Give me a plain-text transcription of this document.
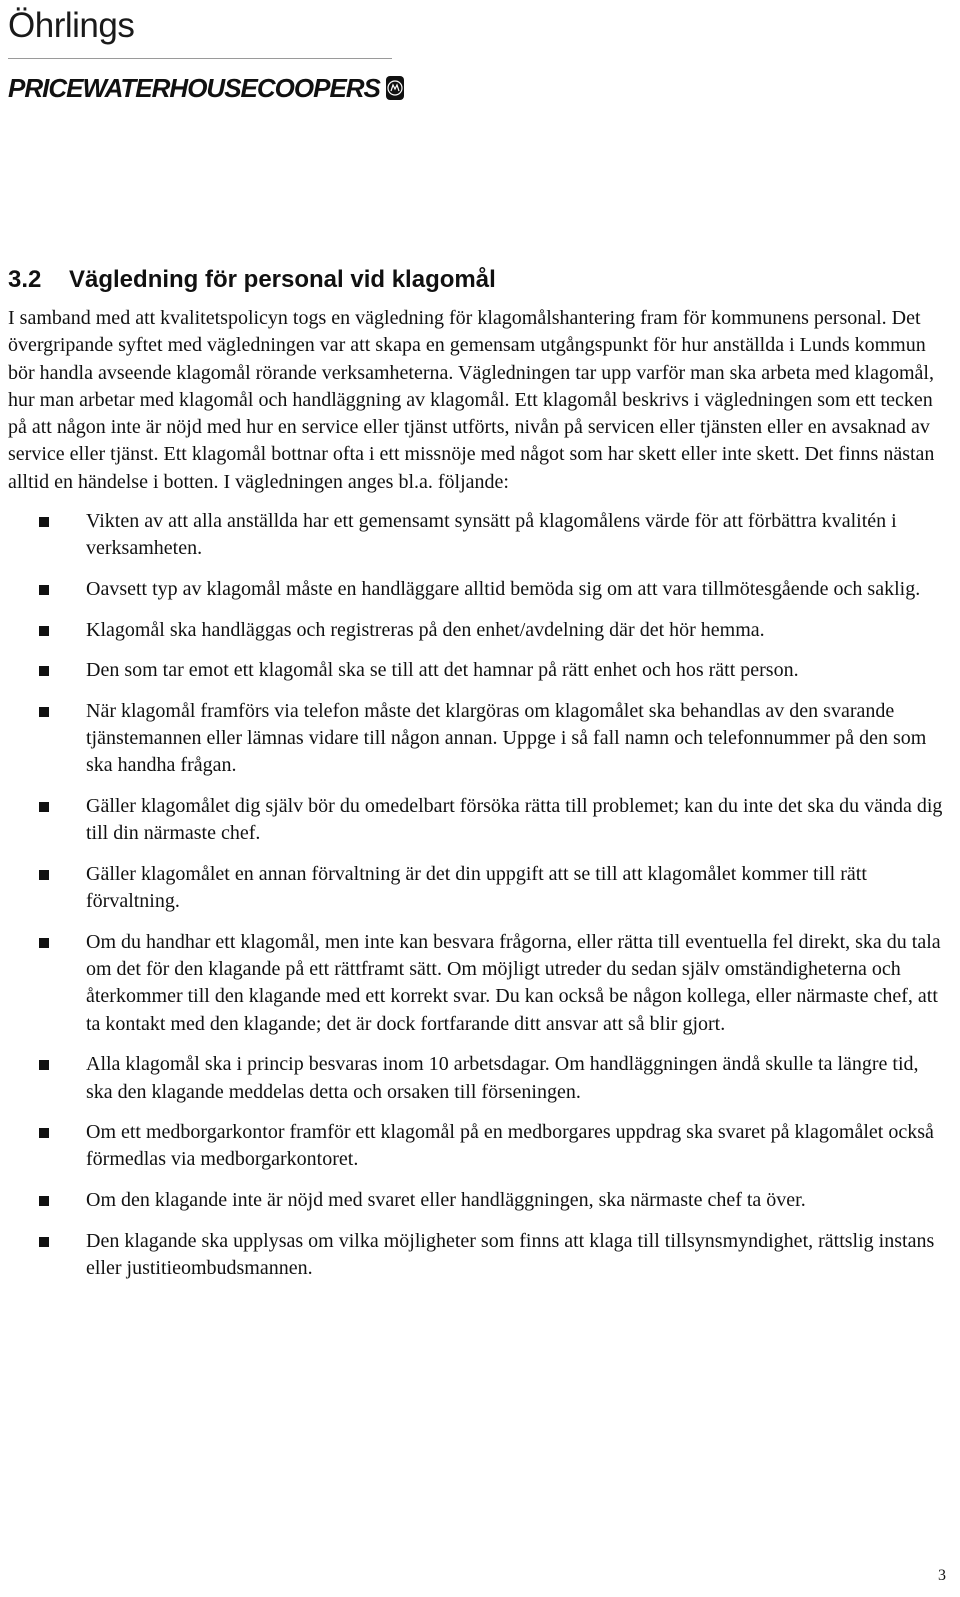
Öhrlings

PRICEWATERHOUSECOOPERS
3.2	Vägledning för personal vid klagomål

I samband med att kvalitetspolicyn togs en vägledning för klagomålshantering fram för kommunens personal. Det övergripande syftet med vägledningen var att skapa en gemensam utgångspunkt för hur anställda i Lunds kommun bör handla avseende klagomål rörande verksamheterna. Vägledningen tar upp varför man ska arbeta med klagomål, hur man arbetar med klagomål och handläggning av klagomål. Ett klagomål beskrivs i vägledningen som ett tecken på att någon inte är nöjd med hur en service eller tjänst utförts, nivån på servicen eller tjänsten eller en avsaknad av service eller tjänst. Ett klagomål bottnar ofta i ett missnöje med något som har skett eller inte skett. Det finns nästan alltid en händelse i botten. I vägledningen anges bl.a. följande:

Vikten av att alla anställda har ett gemensamt synsätt på klagomålens värde för att förbättra kvalitén i verksamheten.
Oavsett typ av klagomål måste en handläggare alltid bemöda sig om att vara tillmötesgående och saklig.
Klagomål ska handläggas och registreras på den enhet/avdelning där det hör hemma.
Den som tar emot ett klagomål ska se till att det hamnar på rätt enhet och hos rätt person.
När klagomål framförs via telefon måste det klargöras om klagomålet ska behandlas av den svarande tjänstemannen eller lämnas vidare till någon annan. Uppge i så fall namn och telefonnummer på den som ska handha frågan.
Gäller klagomålet dig själv bör du omedelbart försöka rätta till problemet; kan du inte det ska du vända dig till din närmaste chef.
Gäller klagomålet en annan förvaltning är det din uppgift att se till att klagomålet kommer till rätt förvaltning.
Om du handhar ett klagomål, men inte kan besvara frågorna, eller rätta till eventuella fel direkt, ska du tala om det för den klagande på ett rättframt sätt. Om möjligt utreder du sedan själv omständigheterna och återkommer till den klagande med ett korrekt svar. Du kan också be någon kollega, eller närmaste chef, att ta kontakt med den klagande; det är dock fortfarande ditt ansvar att så blir gjort.
Alla klagomål ska i princip besvaras inom 10 arbetsdagar. Om handläggningen ändå skulle ta längre tid, ska den klagande meddelas detta och orsaken till förseningen.
Om ett medborgarkontor framför ett klagomål på en medborgares uppdrag ska svaret på klagomålet också förmedlas via medborgarkontoret.
Om den klagande inte är nöjd med svaret eller handläggningen, ska närmaste chef ta över.
Den klagande ska upplysas om vilka möjligheter som finns att klaga till tillsynsmyndighet, rättslig instans eller justitieombudsmannen.
3
